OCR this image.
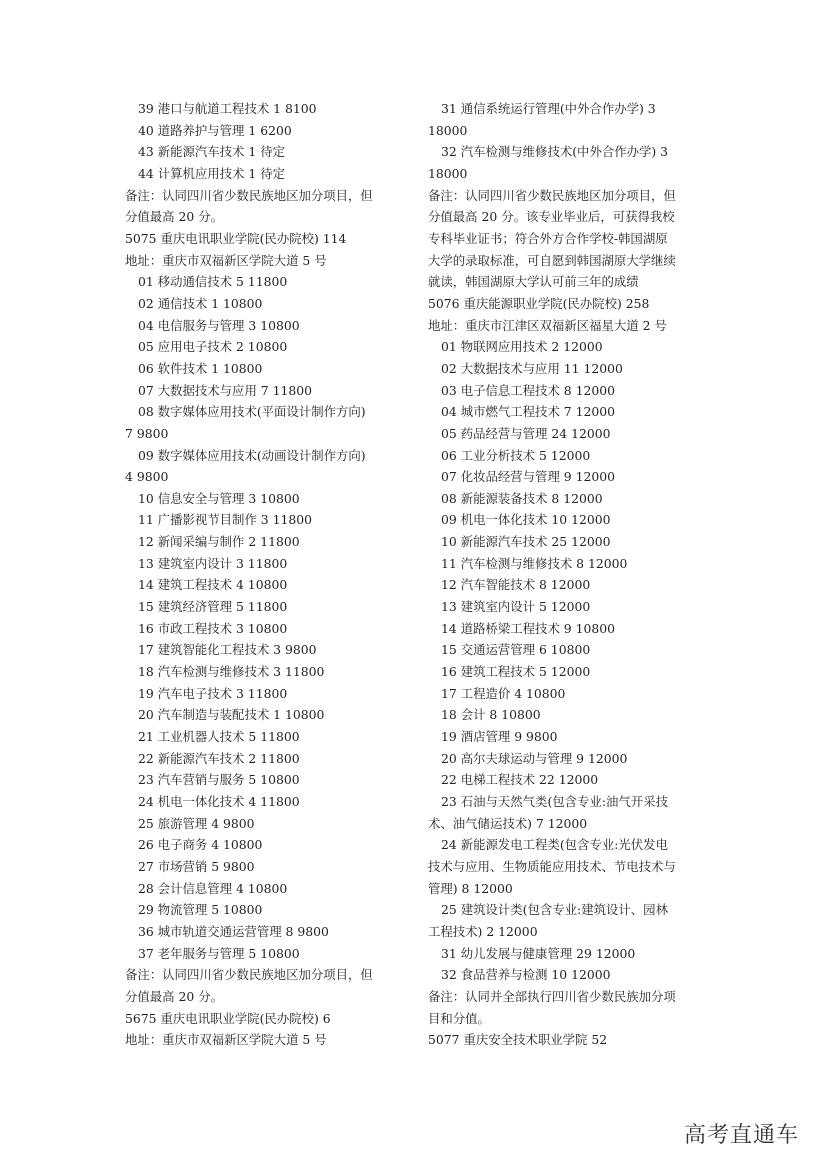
39 港口与航道工程技术 1 8100
40 道路养护与管理 1 6200
43 新能源汽车技术 1 待定
44 计算机应用技术 1 待定
备注：认同四川省少数民族地区加分项目，但
分值最高 20 分。
5075 重庆电讯职业学院(民办院校) 114
地址：重庆市双福新区学院大道 5 号
01 移动通信技术 5 11800
02 通信技术 1 10800
04 电信服务与管理 3 10800
05 应用电子技术 2 10800
06 软件技术 1 10800
07 大数据技术与应用 7 11800
08 数字媒体应用技术(平面设计制作方向)
7 9800
09 数字媒体应用技术(动画设计制作方向)
4 9800
10 信息安全与管理 3 10800
11 广播影视节目制作 3 11800
12 新闻采编与制作 2 11800
13 建筑室内设计 3 11800
14 建筑工程技术 4 10800
15 建筑经济管理 5 11800
16 市政工程技术 3 10800
17 建筑智能化工程技术 3 9800
18 汽车检测与维修技术 3 11800
19 汽车电子技术 3 11800
20 汽车制造与装配技术 1 10800
21 工业机器人技术 5 11800
22 新能源汽车技术 2 11800
23 汽车营销与服务 5 10800
24 机电一体化技术 4 11800
25 旅游管理 4 9800
26 电子商务 4 10800
27 市场营销 5 9800
28 会计信息管理 4 10800
29 物流管理 5 10800
36 城市轨道交通运营管理 8 9800
37 老年服务与管理 5 10800
备注：认同四川省少数民族地区加分项目，但
分值最高 20 分。
5675 重庆电讯职业学院(民办院校) 6
地址：重庆市双福新区学院大道 5 号
31 通信系统运行管理(中外合作办学) 3
18000
32 汽车检测与维修技术(中外合作办学) 3
18000
备注：认同四川省少数民族地区加分项目，但
分值最高 20 分。该专业毕业后，可获得我校
专科毕业证书；符合外方合作学校-韩国湖原
大学的录取标准，可自愿到韩国湖原大学继续
就读，韩国湖原大学认可前三年的成绩
5076 重庆能源职业学院(民办院校) 258
地址：重庆市江津区双福新区福星大道 2 号
01 物联网应用技术 2 12000
02 大数据技术与应用 11 12000
03 电子信息工程技术 8 12000
04 城市燃气工程技术 7 12000
05 药品经营与管理 24 12000
06 工业分析技术 5 12000
07 化妆品经营与管理 9 12000
08 新能源装备技术 8 12000
09 机电一体化技术 10 12000
10 新能源汽车技术 25 12000
11 汽车检测与维修技术 8 12000
12 汽车智能技术 8 12000
13 建筑室内设计 5 12000
14 道路桥梁工程技术 9 10800
15 交通运营管理 6 10800
16 建筑工程技术 5 12000
17 工程造价 4 10800
18 会计 8 10800
19 酒店管理 9 9800
20 高尔夫球运动与管理 9 12000
22 电梯工程技术 22 12000
23 石油与天然气类(包含专业:油气开采技
术、油气储运技术) 7 12000
24 新能源发电工程类(包含专业:光伏发电
技术与应用、生物质能应用技术、节电技术与
管理) 8 12000
25 建筑设计类(包含专业:建筑设计、园林
工程技术) 2 12000
31 幼儿发展与健康管理 29 12000
32 食品营养与检测 10 12000
备注：认同并全部执行四川省少数民族加分项
目和分值。
5077 重庆安全技术职业学院 52
高考直通车
